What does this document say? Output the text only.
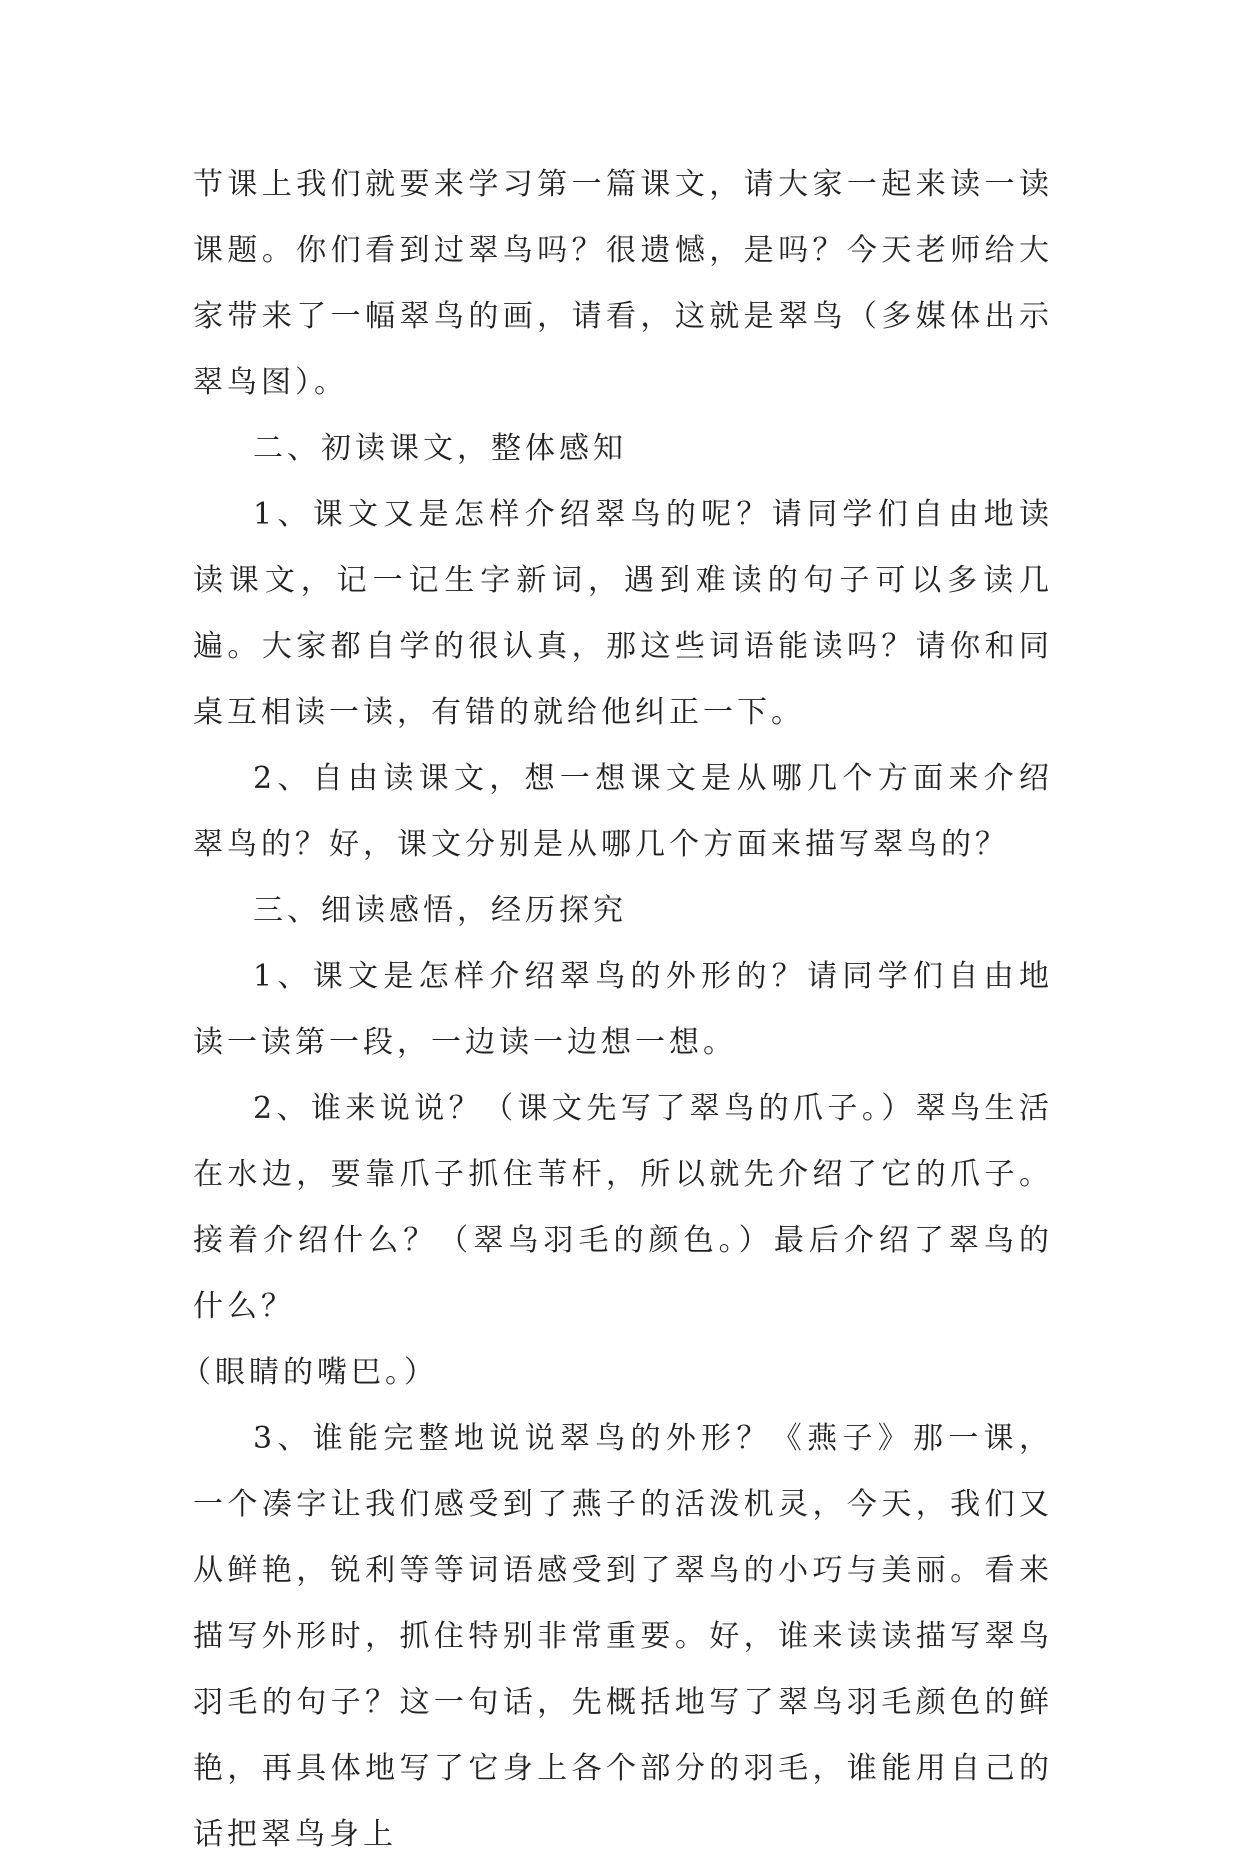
节课上我们就要来学习第一篇课文，请大家一起来读一读课题。你们看到过翠鸟吗？很遗憾，是吗？今天老师给大家带来了一幅翠鸟的画，请看，这就是翠鸟（多媒体出示翠鸟图）。

二、初读课文，整体感知

1、课文又是怎样介绍翠鸟的呢？请同学们自由地读读课文，记一记生字新词，遇到难读的句子可以多读几遍。大家都自学的很认真，那这些词语能读吗？请你和同桌互相读一读，有错的就给他纠正一下。

2、自由读课文，想一想课文是从哪几个方面来介绍翠鸟的？好，课文分别是从哪几个方面来描写翠鸟的？

三、细读感悟，经历探究

1、课文是怎样介绍翠鸟的外形的？请同学们自由地读一读第一段，一边读一边想一想。

2、谁来说说？（课文先写了翠鸟的爪子。）翠鸟生活在水边，要靠爪子抓住苇杆，所以就先介绍了它的爪子。接着介绍什么？（翠鸟羽毛的颜色。）最后介绍了翠鸟的什么？

（眼睛的嘴巴。）

3、谁能完整地说说翠鸟的外形？《燕子》那一课，一个凑字让我们感受到了燕子的活泼机灵，今天，我们又从鲜艳，锐利等等词语感受到了翠鸟的小巧与美丽。看来描写外形时，抓住特别非常重要。好，谁来读读描写翠鸟羽毛的句子？这一句话，先概括地写了翠鸟羽毛颜色的鲜艳，再具体地写了它身上各个部分的羽毛，谁能用自己的话把翠鸟身上
